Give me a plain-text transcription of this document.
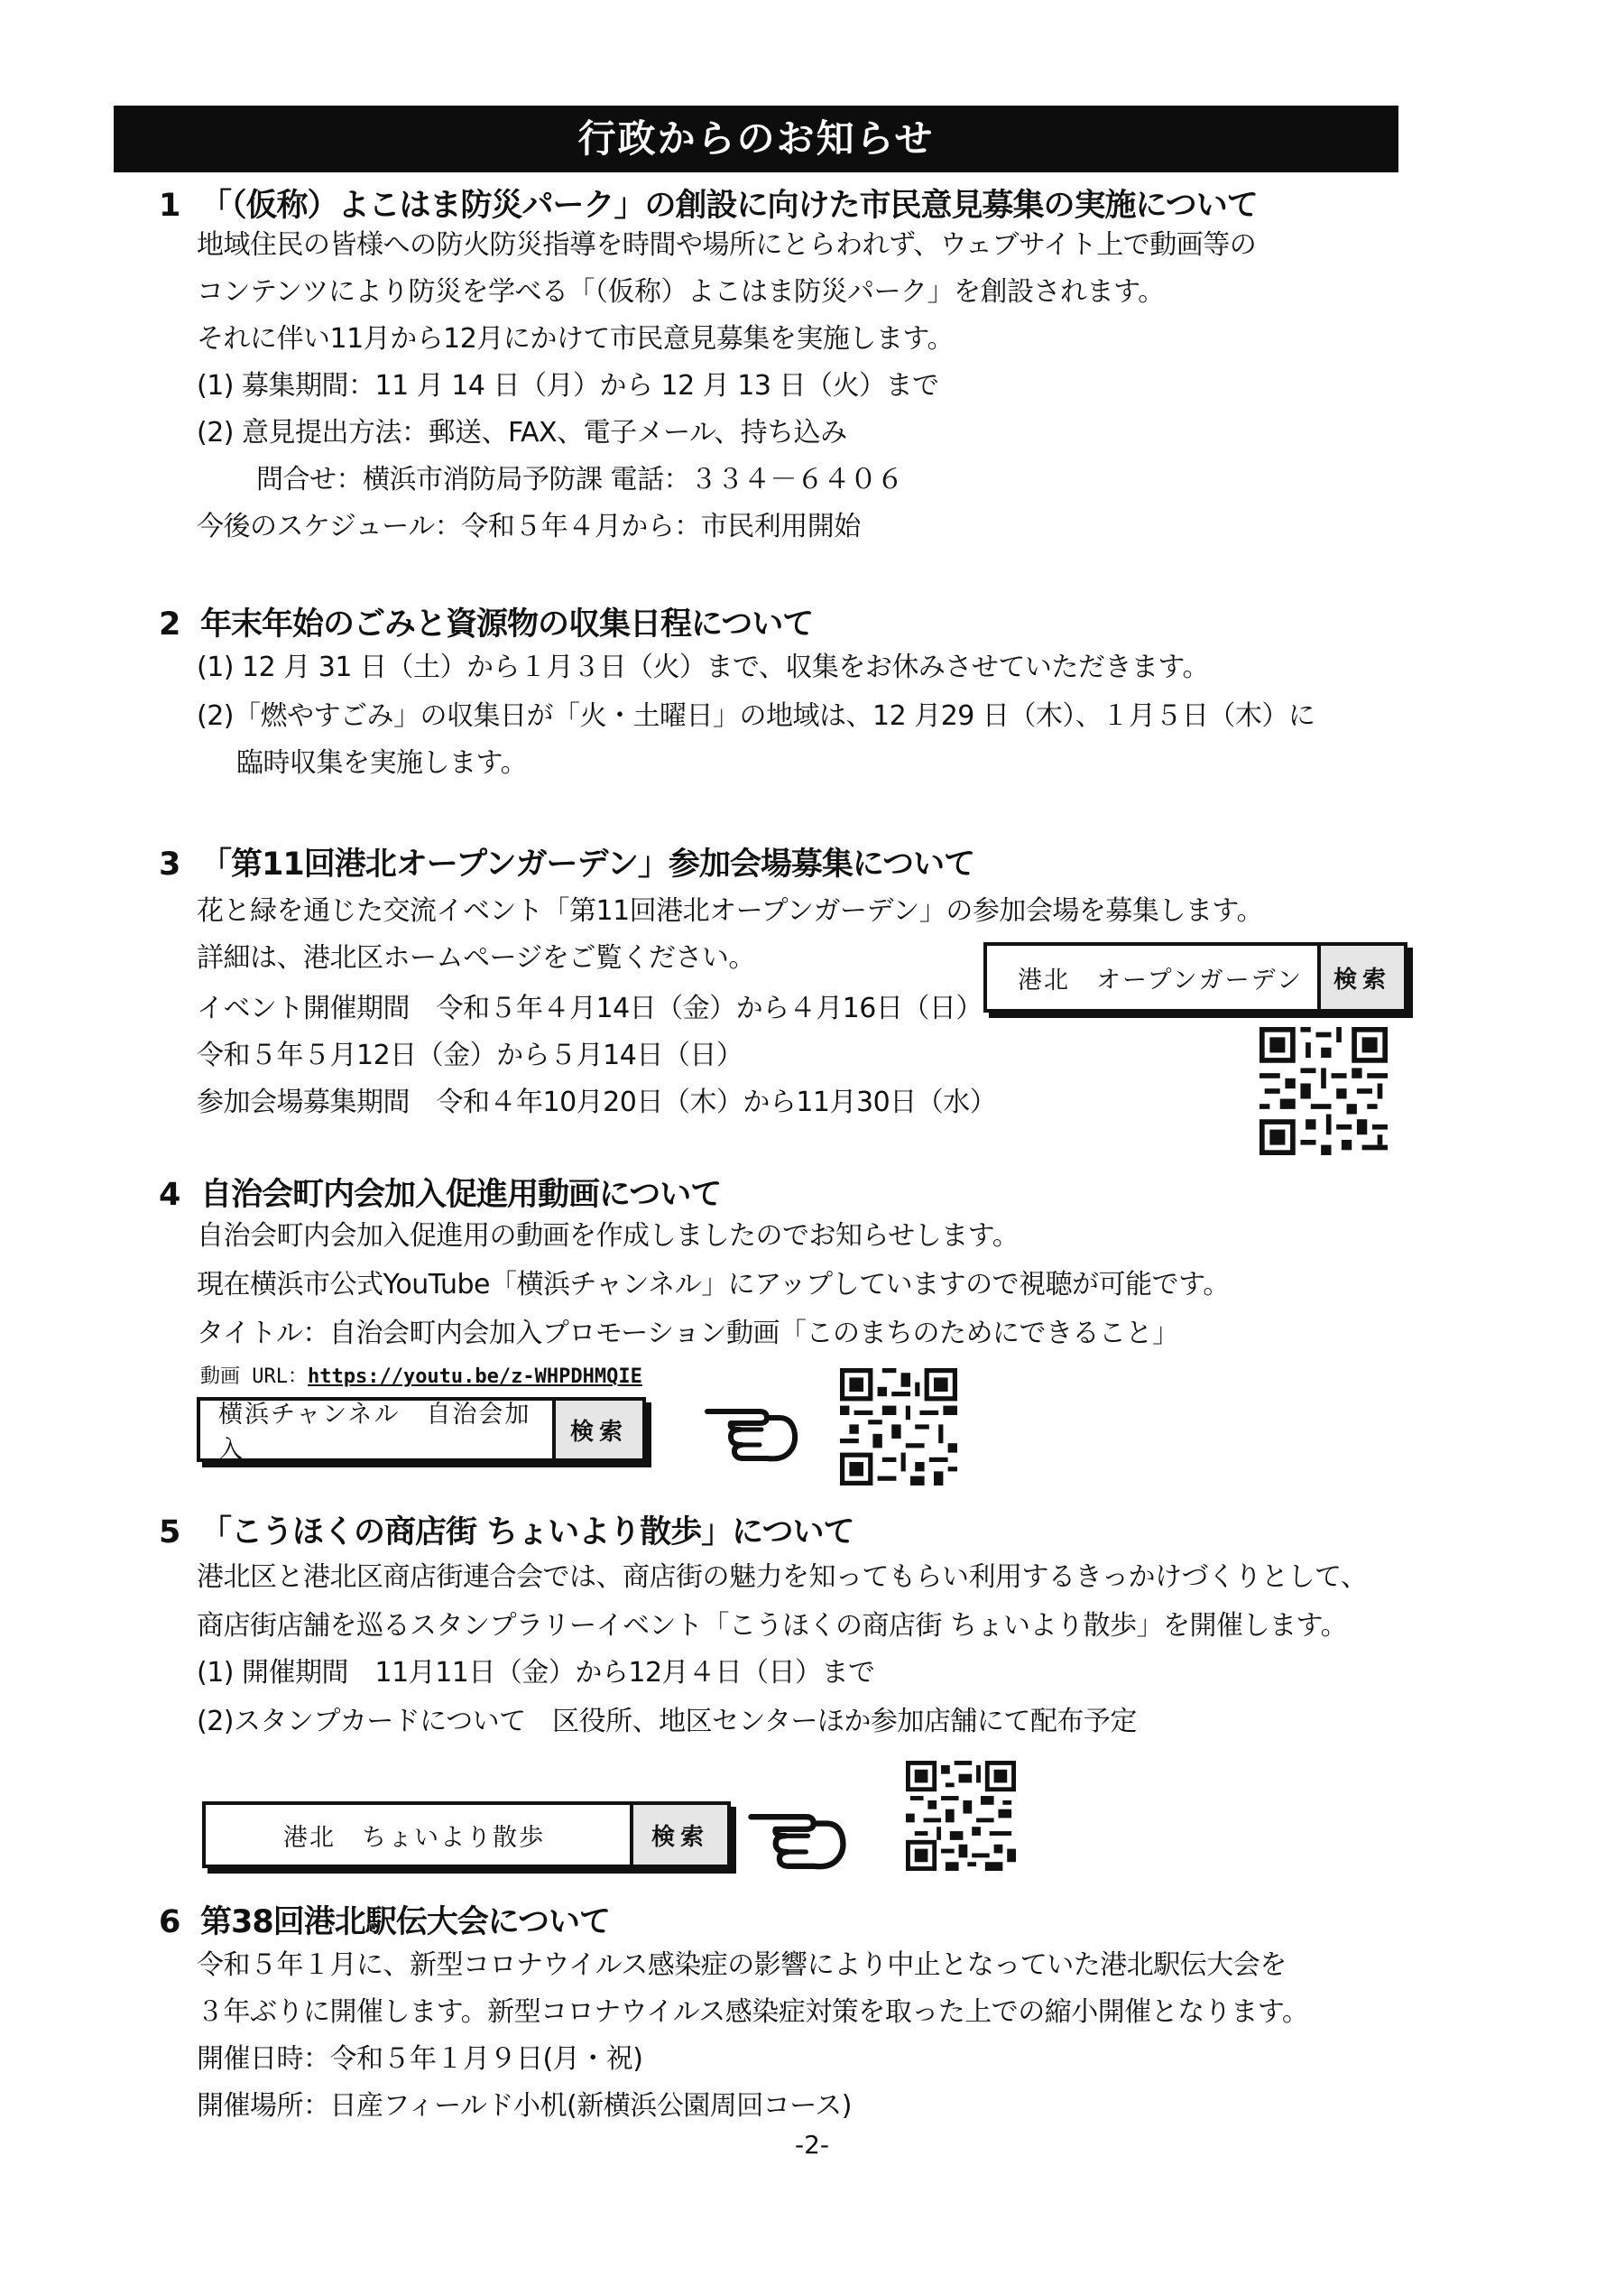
行政からのお知らせ
1 「（仮称）よこはま防災パーク」の創設に向けた市民意見募集の実施について
地域住民の皆様への防火防災指導を時間や場所にとらわれず、ウェブサイト上で動画等の
コンテンツにより防災を学べる「（仮称）よこはま防災パーク」を創設されます。
それに伴い11月から12月にかけて市民意見募集を実施します。
(1) 募集期間：11 月 14 日（月）から 12 月 13 日（火）まで
(2) 意見提出方法：郵送、FAX、電子メール、持ち込み
問合せ：横浜市消防局予防課 電話：３３４－６４０６
今後のスケジュール：令和５年４月から：市民利用開始
2 年末年始のごみと資源物の収集日程について
(1) 12 月 31 日（土）から１月３日（火）まで、収集をお休みさせていただきます。
(2)「燃やすごみ」の収集日が「火・土曜日」の地域は、12 月29 日（木）、１月５日（木）に
臨時収集を実施します。
3 「第11回港北オープンガーデン」参加会場募集について
花と緑を通じた交流イベント「第11回港北オープンガーデン」の参加会場を募集します。
詳細は、港北区ホームページをご覧ください。
イベント開催期間　令和５年４月14日（金）から４月16日（日）
令和５年５月12日（金）から５月14日（日）
参加会場募集期間　令和４年10月20日（木）から11月30日（水）
港北　オープンガーデン	検索
4 自治会町内会加入促進用動画について
自治会町内会加入促進用の動画を作成しましたのでお知らせします。
現在横浜市公式YouTube「横浜チャンネル」にアップしていますので視聴が可能です。
タイトル：自治会町内会加入プロモーション動画「このまちのためにできること」
動画 URL：https://youtu.be/z-WHPDHMQIE
横浜チャンネル　自治会加入
検索
5 「こうほくの商店街 ちょいより散歩」について
港北区と港北区商店街連合会では、商店街の魅力を知ってもらい利用するきっかけづくりとして、
商店街店舗を巡るスタンプラリーイベント「こうほくの商店街 ちょいより散歩」を開催します。
(1) 開催期間　11月11日（金）から12月４日（日）まで
(2)スタンプカードについて　区役所、地区センターほか参加店舗にて配布予定
港北　ちょいより散歩	検索
6 第38回港北駅伝大会について
令和５年１月に、新型コロナウイルス感染症の影響により中止となっていた港北駅伝大会を
３年ぶりに開催します。新型コロナウイルス感染症対策を取った上での縮小開催となります。
開催日時：令和５年１月９日(月・祝)
開催場所：日産フィールド小机(新横浜公園周回コース)
-2-
